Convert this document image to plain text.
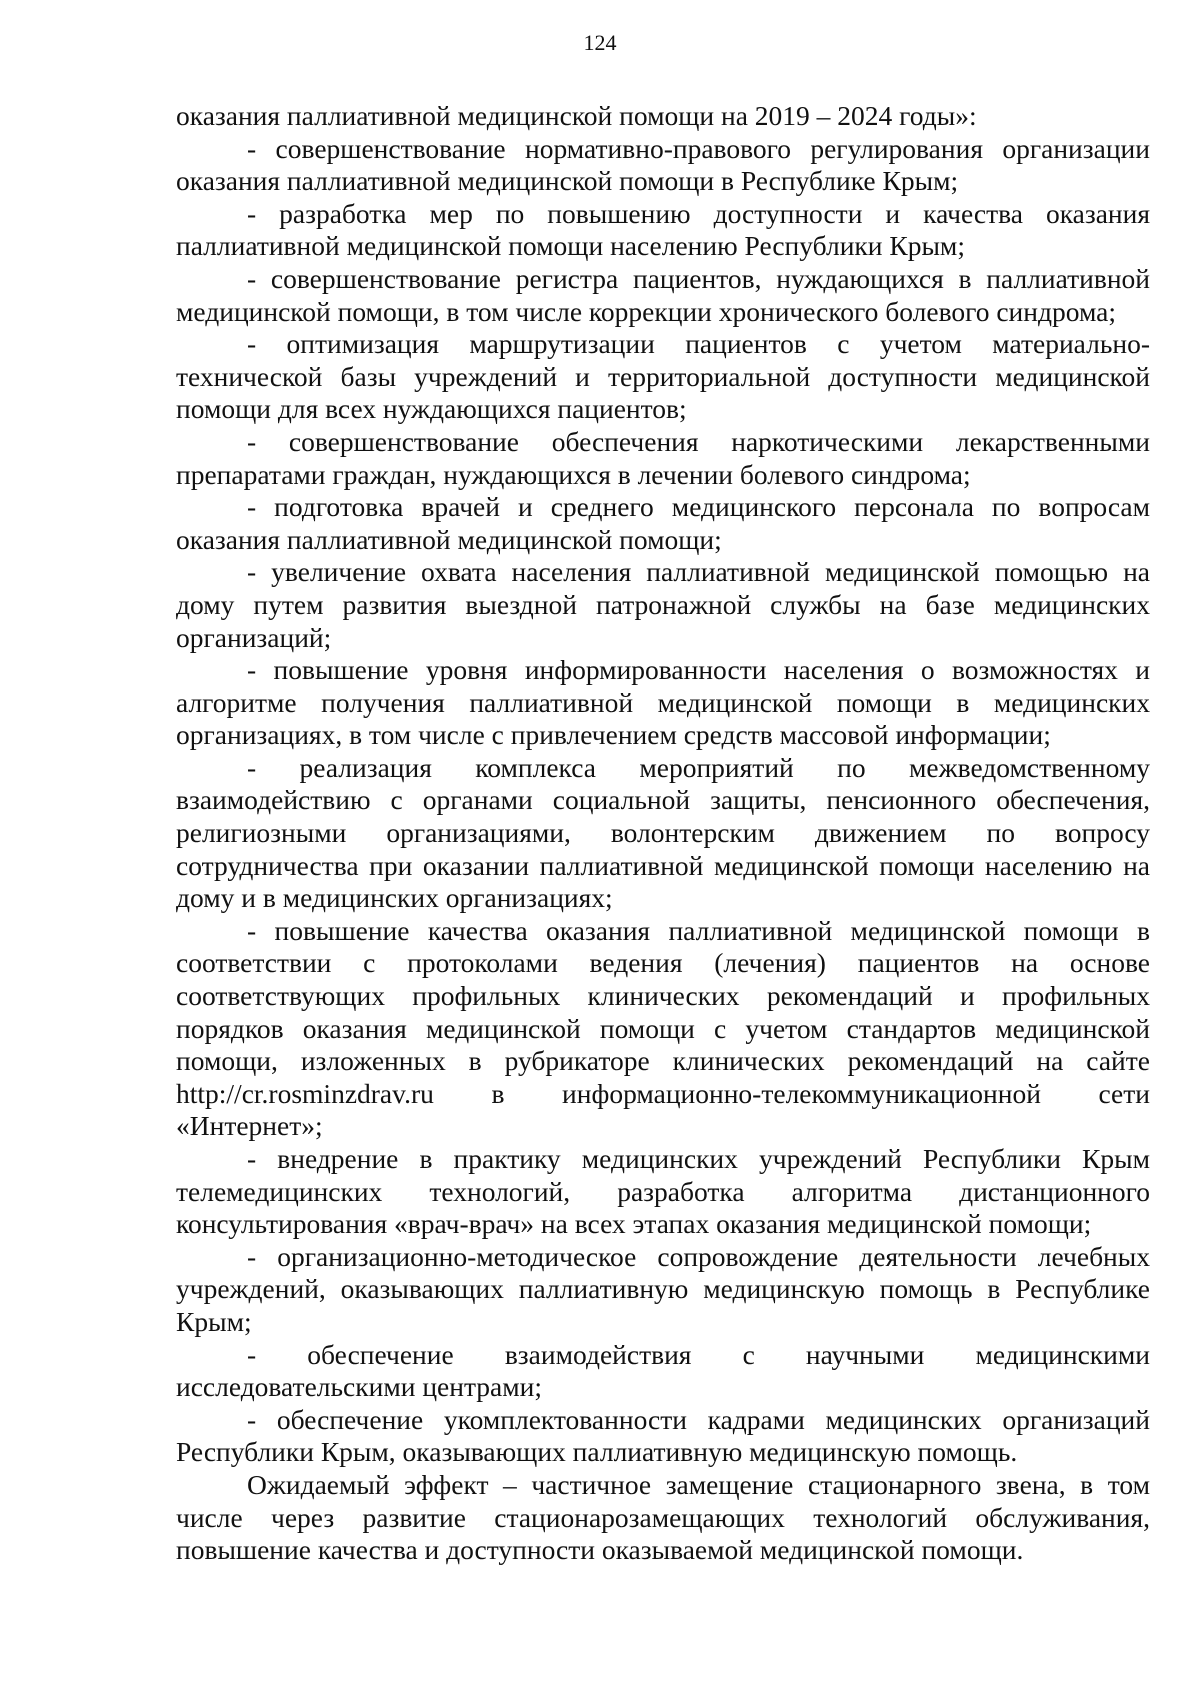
124

оказания паллиативной медицинской помощи на 2019 – 2024 годы»:

- совершенствование нормативно-правового регулирования организации оказания паллиативной медицинской помощи в Республике Крым;

- разработка мер по повышению доступности и качества оказания паллиативной медицинской помощи населению Республики Крым;

- совершенствование регистра пациентов, нуждающихся в паллиативной медицинской помощи, в том числе коррекции хронического болевого синдрома;

- оптимизация маршрутизации пациентов с учетом материально-технической базы учреждений и территориальной доступности медицинской помощи для всех нуждающихся пациентов;

- совершенствование обеспечения наркотическими лекарственными препаратами граждан, нуждающихся в лечении болевого синдрома;

- подготовка врачей и среднего медицинского персонала по вопросам оказания паллиативной медицинской помощи;

- увеличение охвата населения паллиативной медицинской помощью на дому путем развития выездной патронажной службы на базе медицинских организаций;

- повышение уровня информированности населения о возможностях и алгоритме получения паллиативной медицинской помощи в медицинских организациях, в том числе с привлечением средств массовой информации;

- реализация комплекса мероприятий по межведомственному взаимодействию с органами социальной защиты, пенсионного обеспечения, религиозными организациями, волонтерским движением по вопросу сотрудничества при оказании паллиативной медицинской помощи населению на дому и в медицинских организациях;

- повышение качества оказания паллиативной медицинской помощи в соответствии с протоколами ведения (лечения) пациентов на основе соответствующих профильных клинических рекомендаций и профильных порядков оказания медицинской помощи с учетом стандартов медицинской помощи, изложенных в рубрикаторе клинических рекомендаций на сайте http://cr.rosminzdrav.ru в информационно-телекоммуникационной сети «Интернет»;

- внедрение в практику медицинских учреждений Республики Крым телемедицинских технологий, разработка алгоритма дистанционного консультирования «врач-врач» на всех этапах оказания медицинской помощи;

- организационно-методическое сопровождение деятельности лечебных учреждений, оказывающих паллиативную медицинскую помощь в Республике Крым;

- обеспечение взаимодействия с научными медицинскими исследовательскими центрами;

- обеспечение укомплектованности кадрами медицинских организаций Республики Крым, оказывающих паллиативную медицинскую помощь.

Ожидаемый эффект – частичное замещение стационарного звена, в том числе через развитие стационарозамещающих технологий обслуживания, повышение качества и доступности оказываемой медицинской помощи.
